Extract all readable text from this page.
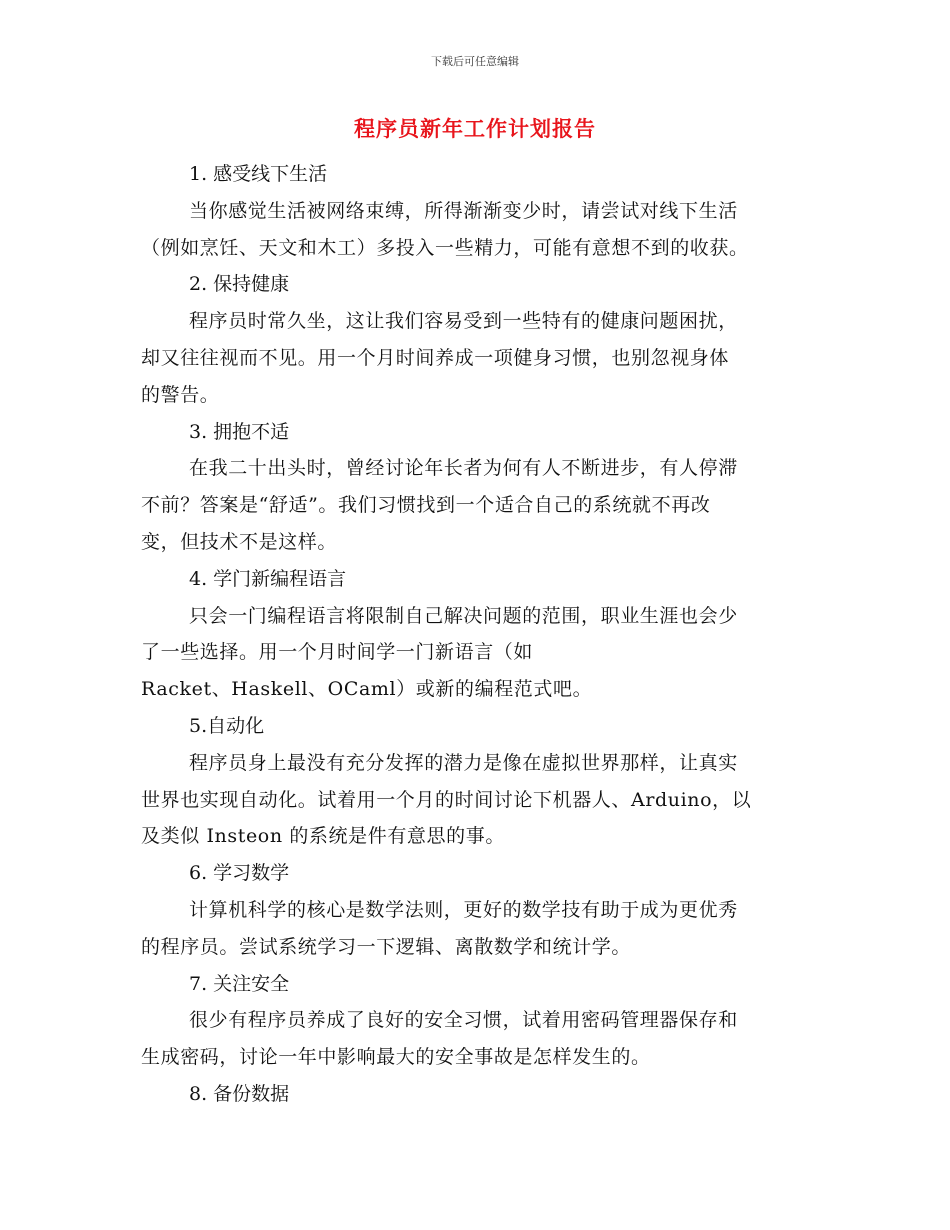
下载后可任意编辑
程序员新年工作计划报告

1. 感受线下生活

当你感觉生活被网络束缚，所得渐渐变少时，请尝试对线下生活
（例如烹饪、天文和木工）多投入一些精力，可能有意想不到的收获。

2. 保持健康

程序员时常久坐，这让我们容易受到一些特有的健康问题困扰，
却又往往视而不见。用一个月时间养成一项健身习惯，也别忽视身体
的警告。

3. 拥抱不适

在我二十出头时，曾经讨论年长者为何有人不断进步，有人停滞
不前？答案是“舒适”。我们习惯找到一个适合自己的系统就不再改
变，但技术不是这样。

4. 学门新编程语言

只会一门编程语言将限制自己解决问题的范围，职业生涯也会少
了一些选择。用一个月时间学一门新语言（如
Racket、Haskell、OCaml）或新的编程范式吧。

5.自动化

程序员身上最没有充分发挥的潜力是像在虚拟世界那样，让真实
世界也实现自动化。试着用一个月的时间讨论下机器人、Arduino，以
及类似 Insteon 的系统是件有意思的事。

6. 学习数学

计算机科学的核心是数学法则，更好的数学技有助于成为更优秀
的程序员。尝试系统学习一下逻辑、离散数学和统计学。

7. 关注安全

很少有程序员养成了良好的安全习惯，试着用密码管理器保存和
生成密码，讨论一年中影响最大的安全事故是怎样发生的。

8. 备份数据
